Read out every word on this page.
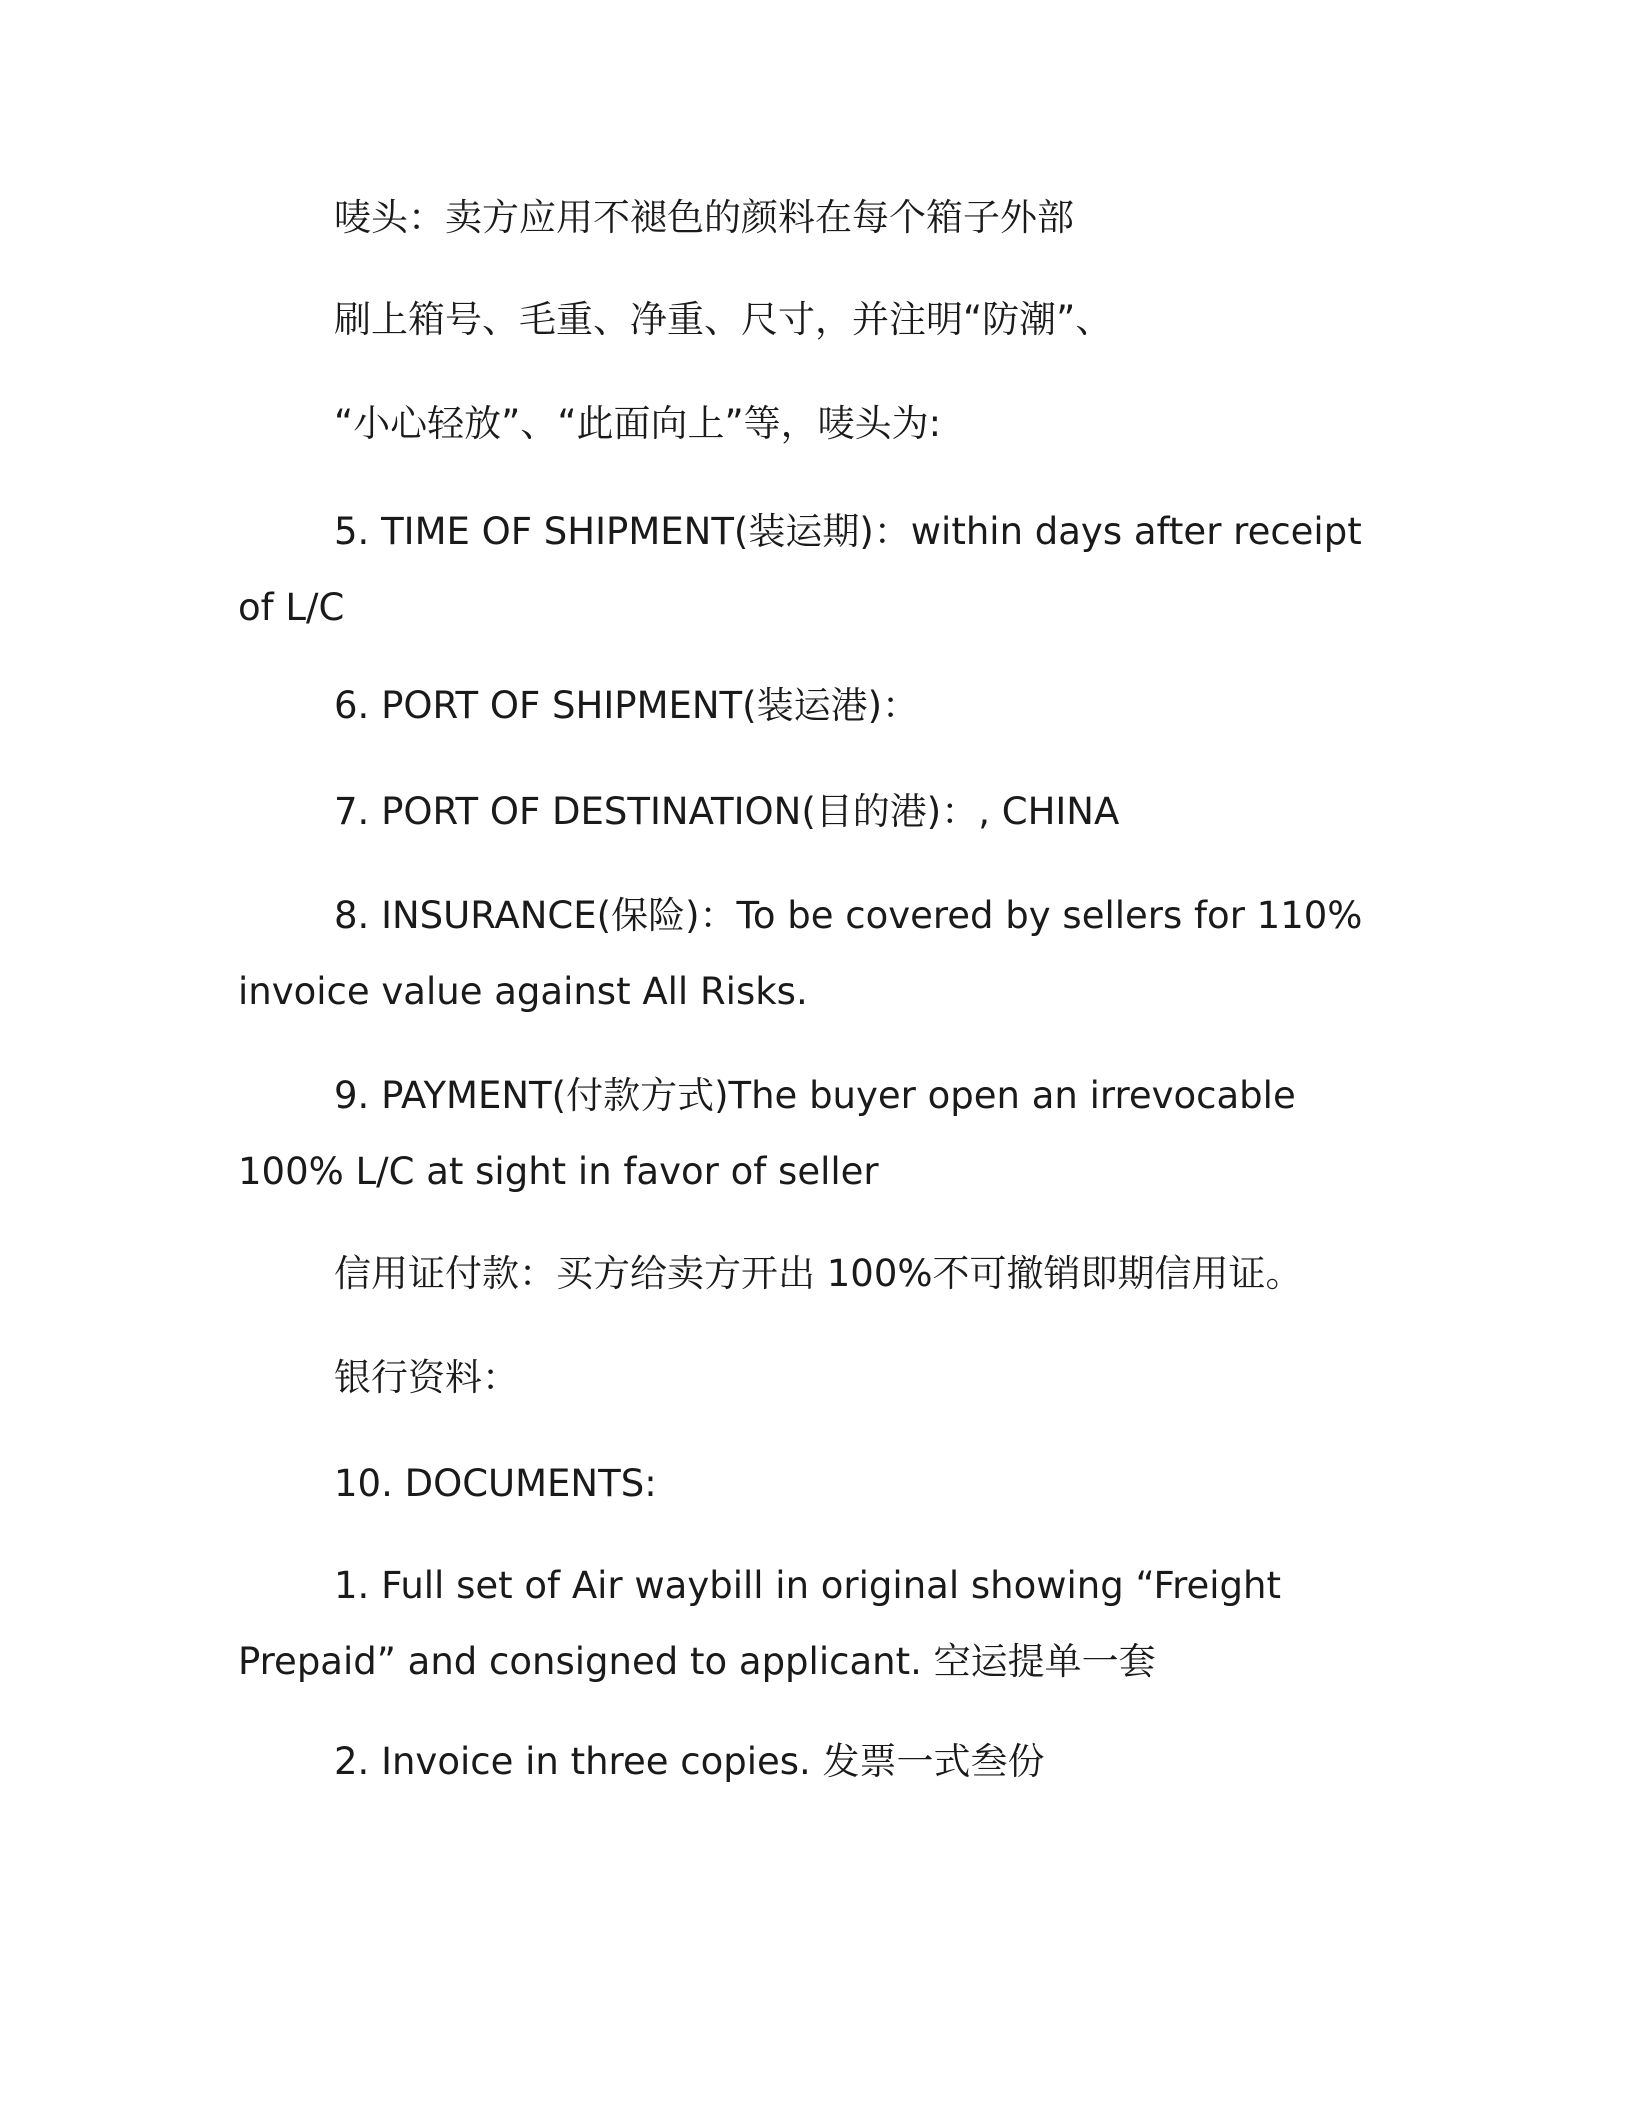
唛头：卖方应用不褪色的颜料在每个箱子外部
刷上箱号、毛重、净重、尺寸，并注明“防潮”、
“小心轻放”、“此面向上”等，唛头为:
5. TIME OF SHIPMENT(装运期)：within days after receipt of L/C
6. PORT OF SHIPMENT(装运港)：
7. PORT OF DESTINATION(目的港)：, CHINA
8. INSURANCE(保险)：To be covered by sellers for 110% invoice value against All Risks.
9. PAYMENT(付款方式)The buyer open an irrevocable 100% L/C at sight in favor of seller
信用证付款：买方给卖方开出 100%不可撤销即期信用证。
银行资料：
10. DOCUMENTS:
1. Full set of Air waybill in original showing “Freight Prepaid” and consigned to applicant. 空运提单一套
2. Invoice in three copies. 发票一式叁份
